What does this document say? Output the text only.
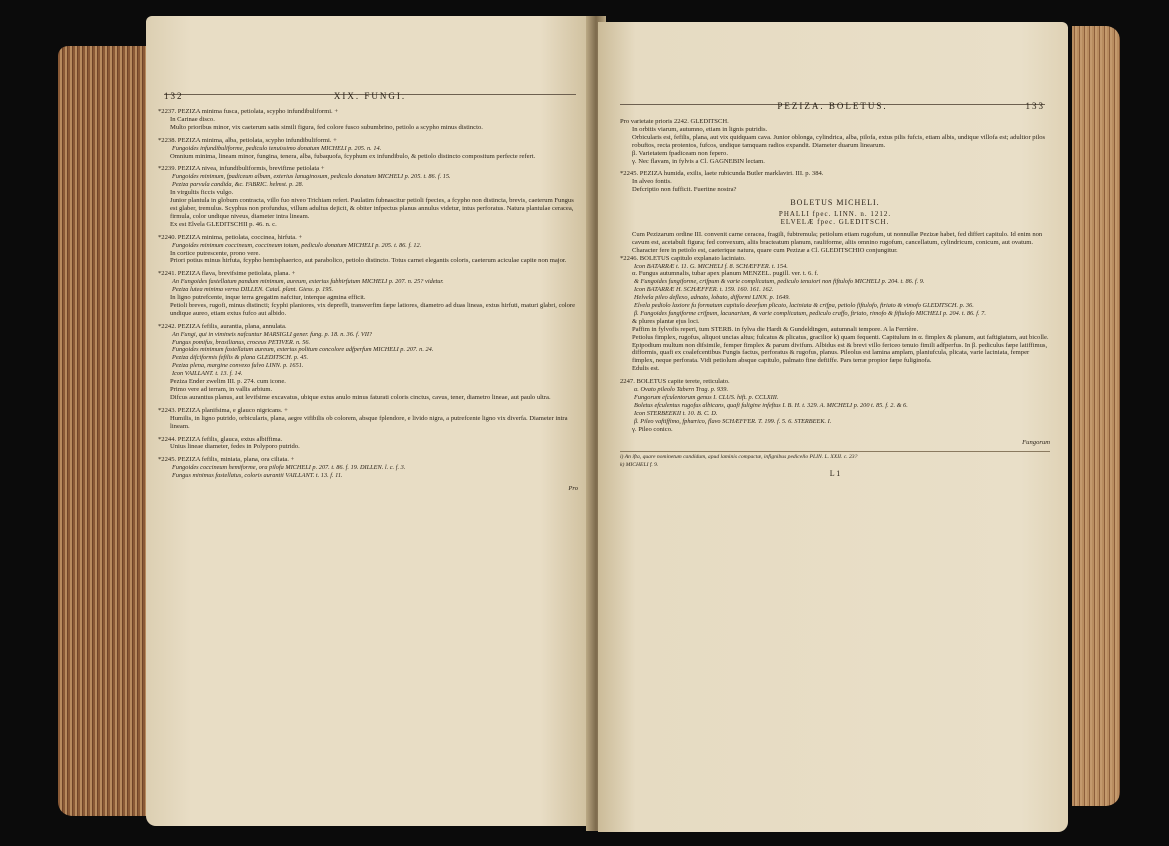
132	XIX. FUNGI.

*2237. PEZIZA minima fusca, petiolata, scypho infundibuliformi. +

In Carinae disco.

Multo prioribus minor, vix caeterum satis simili figura, fed colore fusco subumbrino, petiolo a scypho minus distincto.

*2238. PEZIZA minima, alba, petiolata, scypho infundibuliformi. +

Fungoides infundibuliforme, pediculo tenuissimo donatum MICHELI p. 205. n. 14.

Omnium minima, lineam minor, fungina, tenera, alba, fubaquofa, fcyphum ex infundibulo, & petiolo distincto compositum perfecte refert.

*2239. PEZIZA nivea, infundibuliformis, brevifime petiolata +

Fungoides minimum, fpadiceum album, exterius lanuginosum, pediculo donatum MICHELI p. 205. t. 86. f. 15.

Peziza parvula candida, &c. FABRIC. helmst. p. 28.

In virgultis ficcis vulgo.

Junior plantula in globum contracta, villo fuo niveo Trichiam refert. Paulatim fubnascitur petioli fpecies, a fcypho non distincta, brevis, caeterum Fungus est glaber, tremulus. Scyphus non profundus, villum adultus dejicit, & obiter infpectus planus annulus videtur, intus perforatus. Natura plantulae ceracea, firmula, color undique niveus, diameter intra lineam.

Ex est Elvela GLEDITSCHII p. 46. n. c.

*2240. PEZIZA minima, petiolata, coccinea, hirfuta. +

Fungoides minimum coccineum, coccineum totum, pediculo donatum MICHELI p. 205. t. 86. f. 12.

In cortice putrescente, prono vere.

Priori potius minus hirfuta, fcypho hemisphaerico, aut parabolico, petiolo distincto. Totus carnei elegantis coloris, caeterum aciculae capite non major.

*2241. PEZIZA flava, brevifsime petiolata, plana. +

An Fungoides fastellatum pandum minimum, aureum, exterius fubhirfutum MICHELI p. 207. n. 25? videtur.

Peziza lutea minima verna DILLEN. Catal. plant. Giess. p. 195.

In ligno putrefcente, inque terra gregatim nafcitur, interque agmina efficit.

Petioli breves, rugofi, minus distincti; fcyphi planiores, vix deprefli, transverfim fæpe latiores, diametro ad duas lineas, extus hirfuti, maturi glabri, colore undique aureo, etiam extus fufco aut albido.

*2242. PEZIZA fefilis, aurantia, plana, annulata.

An Fungi, qui in vimineis nafcuntur MARSIGLI gener. fung. p. 18. n. 36. f. VII?

Fungus pomifus, brasilianus, croceus PETIVER. n. 56.

Fungoides minimum fastellatum aureum, exterius politum concolore adfperfum MICHELI p. 207. n. 24.

Peziza difciformis fefilis & plana GLEDITSCH. p. 45.

Peziza plena, margine convexo fulvo LINN. p. 1651.

Icon VAILLANT. t. 13. f. 14.

Peziza Ender zwelim III. p. 274. cum icone.

Primo vere ad terram, in vallis arbium.

Difcus aurantius planus, aut levifsime excavatus, ubique extus anulo minus faturati coloris cinctus, cavus, tener, diametro lineae, aut paulo ultra.

*2243. PEZIZA planifsima, e glauco nigricans. +

Humilis, in ligno putrido, orbicularis, plana, aegre vifibilis ob colorem, absque fplendore, e livido nigra, a putrefcente ligno vix diverfa. Diameter intra lineam.

*2244. PEZIZA fefilis, glauca, extus albiffima.

Unius lineae diameter, fedes in Polyporo putrido.

*2245. PEZIZA fefilis, miniata, plana, ora ciliata. +

Fungoides coccineum hemiforme, ora pilofa MICHELI p. 207. t. 86. f. 19. DILLEN. l. c. f. 3.

Fungus minimus fastellatus, coloris aurantii VAILLANT. t. 13. f. 11.

Pro
PEZIZA. BOLETUS.	133

Pro varietate prioris 2242. GLEDITSCH.

In orbitis viarum, autumno, etiam in lignis putridis.

Orbicularis est, fefilis, plana, aut vix quidquam cava. Junior oblonga, cylindrica, alba, pilofa, extus pilis fufcis, etiam albis, undique villofa est; adultior pilos robuftos, recta protentos, fufcos, undique tamquam radios expandit. Diameter duarum linearum.

β. Varietatem fpadiceam non fepero.

γ. Nec flavam, in fylvis a Cl. GAGNEBIN lectam.

*2245. PEZIZA humida, exilis, laete rubicunda Butler marklaviri. III. p. 384.

In alveo fontis.

Defcriptio non fufficit. Fueritne nostra?

BOLETUS MICHELI.
PHALLI fpec. LINN. n. 1212.
ELVELÆ fpec. GLEDITSCH.

Cum Pezizarum ordine III. convenit carne ceracea, fragili, fubtremula; petiolum etiam rugofum, ut nonnullæ Pezizæ habet, fed differt capitulo. Id enim non cavum est, acetabuli figura; fed convexum, aliis bracteatum planum, rauliforme, aliis omnino rugofum, cancellatum, cylindricum, conicum, aut ovatum. Character fere in petiolo est, caeterique natura, quare cum Pezizæ a Cl. GLEDITSCHIO conjungitur.

*2246. BOLETUS capitulo explanato laciniato.

Icon BATARRÆ t. 11. G. MICHELI f. 8. SCHÆFFER. t. 154.

α. Fungus autumnalis, tubar apex planum MENZEL. pugill. ver. t. 6. f.

& Fungoides fungiforme, crifpum & varie complicatum, pediculo tenuiori non fiftulofo MICHELI p. 204. t. 86. f. 9.

Icon BATARRÆ H. SCHÆFFER. t. 159. 160. 161. 162.

Helvela pileo deflexo, adnato, lobato, difformi LINN. p. 1649.

Elvela pediolo laxiore fu formatum capitulo deorfum plicato, laciniata & crifpa, petiolo fiftulofo, ftriato & vimofo GLEDITSCH. p. 36.

β. Fungoides fungiforme crifpum, lacunarium, & varie complicatum, pediculo craffo, ftriato, rimofo & fiftulofo MICHELI p. 204. t. 86. f. 7.

& plures plantæ ejus loci.

Paffim in fylvofis reperi, tum STERB. in fylva die Hardt & Gundeldingen, autumnali tempore. A la Ferrière.

Petiolus fimplex, rugofus, aliquot uncias altus; fulcatus & plicatus, gracilior k) quam fequenti. Capitulum in α. fimplex & planum, aut faftigiatum, aut bicolle. Epipodium multum non difsimile, femper fimplex & parum divifum. Albidus est & brevi villo fericeo tenuio fimili adfperfus. In β. pediculus fæpe latiffimus, difformis, quafi ex coalefcentibus Fungis factus, perforatus & rugofus, planus. Pileolus est lamina amplam, planiufcula, plicata, varie laciniata, femper fimplex, neque perforata. Vidi petiolum absque capitulo, palmato fine defiiffe. Pars terræ propior fæpe fuliginofa.

Edulis est.

2247. BOLETUS capite terete, reticulato.

α. Ovato pileolo Tabern Trag. p. 939.

Fungorum efculentorum genus I. CLUS. hift. p. CCLXIII.

Boletus efculentus rugofus albicans, quafi fuligine infeftus I. B. H. t. 329. A. MICHELI p. 200 t. 85. f. 2. & 6.

Icon STERBEEKII t. 10. B. C. D.

β. Pileo vaftiffimo, fphærico, flavo SCHÆFFER. T. 199. f. 5. 6. STERBEEK. I.

γ. Pileo conico.

Fungorum

i) An ifta, quare nominetum candidum, apud laminis compactæ, infignibus pedicello PLIN. L. XXII. c. 23?

k) MICHELI f. 9.

L 1
